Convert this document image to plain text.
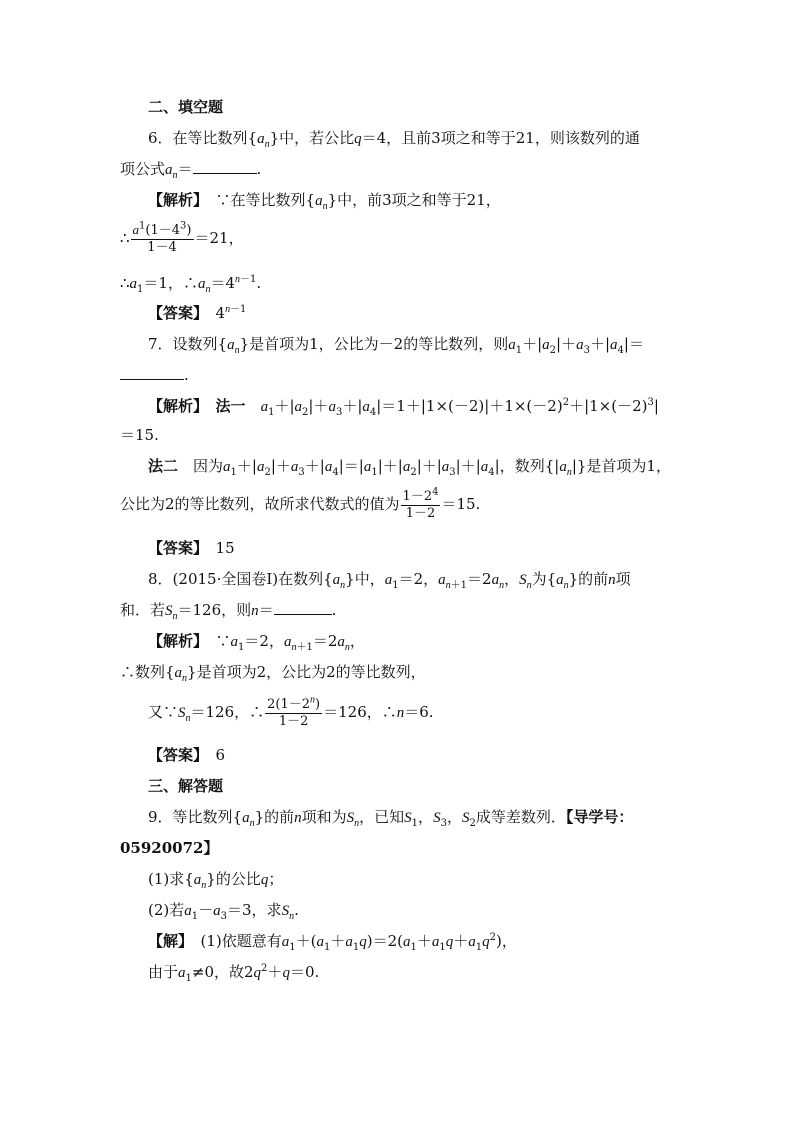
二、填空题
6．在等比数列$\{a_n\}$中，若公比q＝4，且前3项之和等于21，则该数列的通
项公式$a_n=$	.
【解析】　∵在等比数列$\{a_n\}$中，前3项之和等于21，
∴ $\frac{a^1(1-4^3)}{1-4} =21$，
$\therefore a_1=1$，$\therefore a_n=4^{n-1}$.
【答案】　$4^{n-1}$
7．设数列$\{a_n\}$是首项为1，公比为－2的等比数列，则$a_1+|a_2|+a_3+|a_4|=$
.
【解析】　 法一　 $a_1+|a_2|+a_3+|a_4|=1+|1\times(-2)|+1\times(-2)^2+|1\times(-2)^3|$
＝15.
法二　因为$a_1+|a_2|+a_3+|a_4|=|a_1|+|a_2|+|a_3|+|a_4|$，数列$\{|a_n|\}$是首项为1，
公比为2的等比数列，故所求代数式的值为 $\frac{1-2^4}{1-2} =15$.
【答案】　 15
8．(2015·全国卷Ⅰ)在数列$\{a_n\}$中，$a_1=2$，$a_{n+1}=2a_n$，$S_n$为$\{a_n\}$的前n项
和．若$S_n=126$，则n＝	.
【解析】　$\because a_1=2$，$a_{n+1}=2a_n$，
∴数列$\{a_n\}$是首项为2，公比为2的等比数列，
又$\because S_n=126$，∴ $\frac{2(1-2^n)}{1-2} =126$，∴n＝6.
【答案】　 6
三、解答题
9．等比数列$\{a_n\}$的前n项和为$S_n$，已知$S_1$，$S_3$，$S_2$成等差数列．【导学号：
05920072】
(1)求$\{a_n\}$的公比q；
(2)若$a_1-a_3=3$，求$S_n$.
【解】　(1)依题意有$a_1+(a_1+a_1q)=2(a_1+a_1q+a_1q^2)$，
由于$a_1\ne 0$，故$2q^2+q=0$.
